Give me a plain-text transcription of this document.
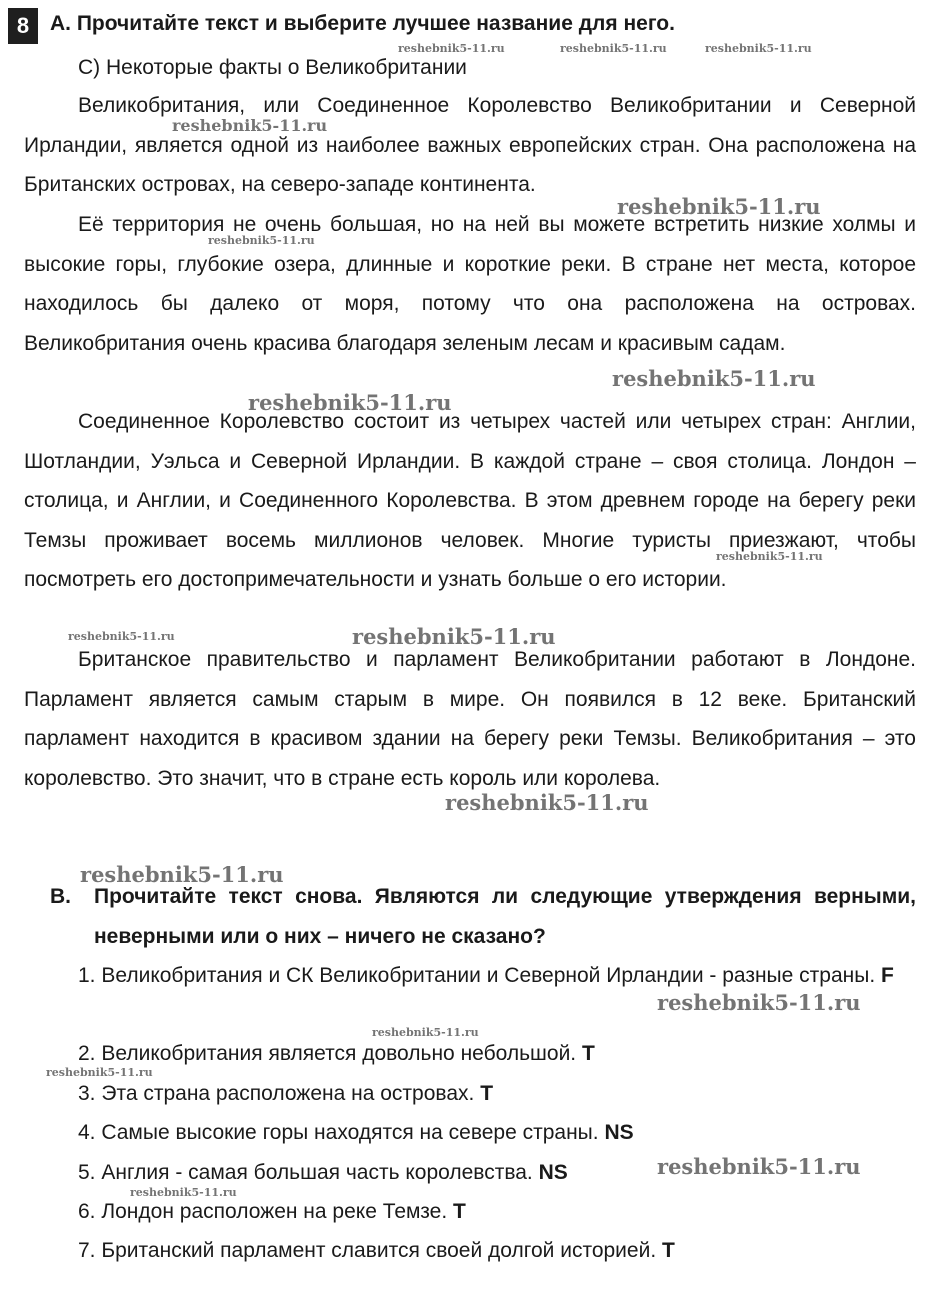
8 A. Прочитайте текст и выберите лучшее название для него.
C) Некоторые факты о Великобритании

Великобритания, или Соединенное Королевство Великобритании и Северной Ирландии, является одной из наиболее важных европейских стран. Она расположена на Британских островах, на северо-западе континента.

Её территория не очень большая, но на ней вы можете встретить низкие холмы и высокие горы, глубокие озера, длинные и короткие реки. В стране нет места, которое находилось бы далеко от моря, потому что она расположена на островах. Великобритания очень красива благодаря зеленым лесам и красивым садам.

Соединенное Королевство состоит из четырех частей или четырех стран: Англии, Шотландии, Уэльса и Северной Ирландии. В каждой стране – своя столица. Лондон – столица, и Англии, и Соединенного Королевства. В этом древнем городе на берегу реки Темзы проживает восемь миллионов человек. Многие туристы приезжают, чтобы посмотреть его достопримечательности и узнать больше о его истории.

Британское правительство и парламент Великобритании работают в Лондоне. Парламент является самым старым в мире. Он появился в 12 веке. Британский парламент находится в красивом здании на берегу реки Темзы. Великобритания – это королевство. Это значит, что в стране есть король или королева.

B.	Прочитайте текст снова. Являются ли следующие утверждения верными, неверными или о них – ничего не сказано?
1. Великобритания и СК Великобритании и Северной Ирландии - разные страны. F
2. Великобритания является довольно небольшой. T
3. Эта страна расположена на островах. T
4. Самые высокие горы находятся на севере страны. NS
5. Англия - самая большая часть королевства. NS
6. Лондон расположен на реке Темзе. T
7. Британский парламент славится своей долгой историей. T
reshebnik5-11.ru	reshebnik5-11.ru	reshebnik5-11.ru
reshebnik5-11.ru
reshebnik5-11.ru
reshebnik5-11.ru
reshebnik5-11.ru
reshebnik5-11.ru
reshebnik5-11.ru
reshebnik5-11.ru
reshebnik5-11.ru
reshebnik5-11.ru
reshebnik5-11.ru
reshebnik5-11.ru
reshebnik5-11.ru
reshebnik5-11.ru
reshebnik5-11.ru
reshebnik5-11.ru
